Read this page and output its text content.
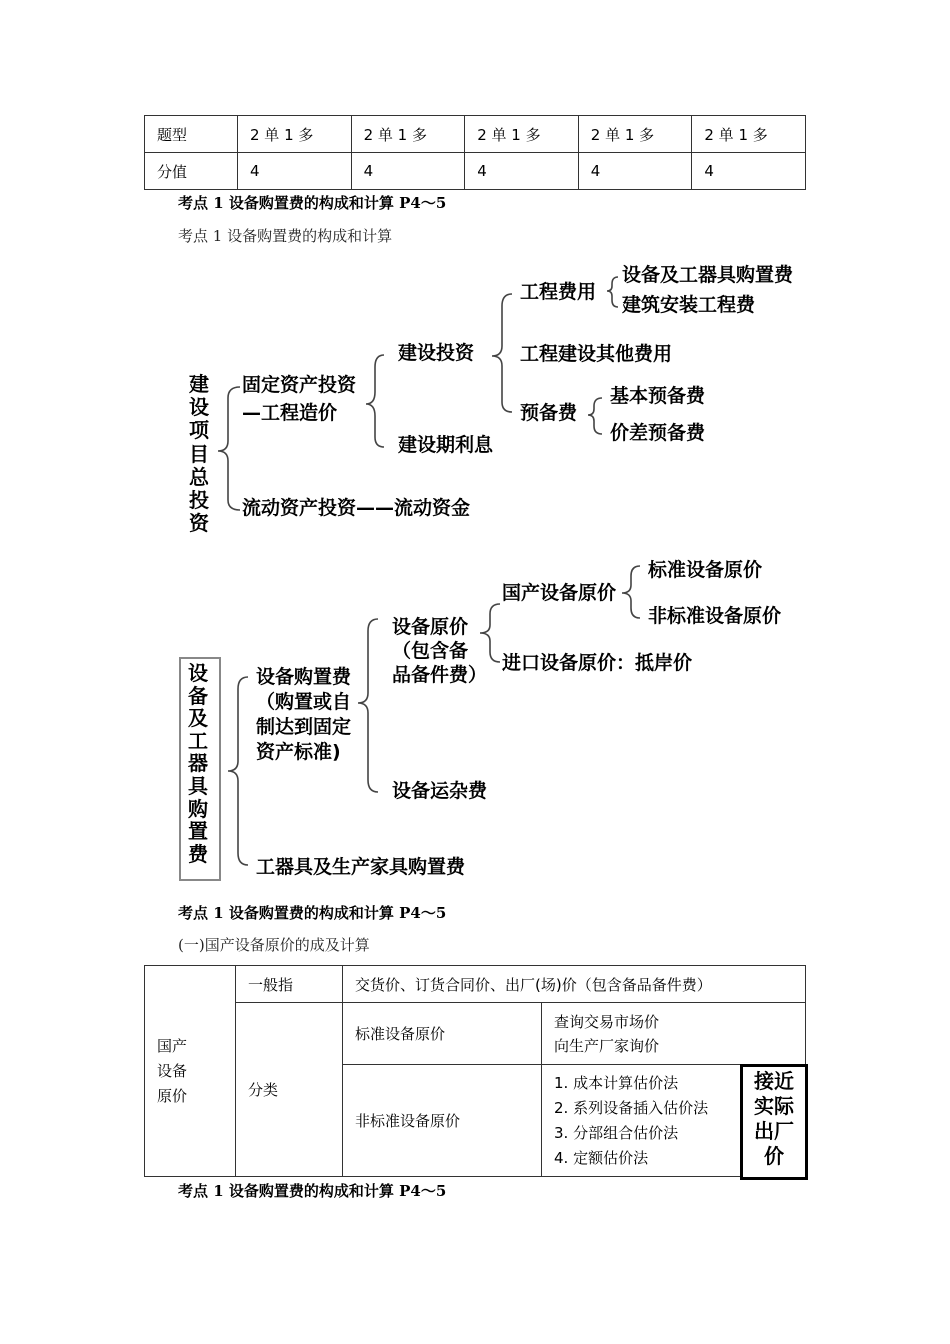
题型	2 单 1 多	2 单 1 多	2 单 1 多	2 单 1 多	2 单 1 多
分值	4	4	4	4	4
考点 1 设备购置费的构成和计算 P4～5
考点 1 设备购置费的构成和计算
建设项目总投资
固定资产投资
—工程造价
流动资产投资——流动资金
建设投资
建设期利息
工程费用
设备及工器具购置费
建筑安装工程费
工程建设其他费用
预备费
基本预备费
价差预备费
设备及工器具购置费
设备购置费
（购置或自
制达到固定
资产标准)
设备原价
（包含备
品备件费）
设备运杂费
工器具及生产家具购置费
国产设备原价
进口设备原价：抵岸价
标准设备原价
非标准设备原价
考点 1 设备购置费的构成和计算 P4～5
(一)国产设备原价的成及计算
国产
设备
原价	一般指	交货价、订货合同价、出厂(场)价（包含备品备件费）	
	分类	标准设备原价	查询交易市场价
向生产厂家询价

		非标准设备原价	1. 成本计算估价法
2. 系列设备插入估价法
3. 分部组合估价法
4. 定额估价法
接近
实际
出厂
价
考点 1 设备购置费的构成和计算 P4～5
